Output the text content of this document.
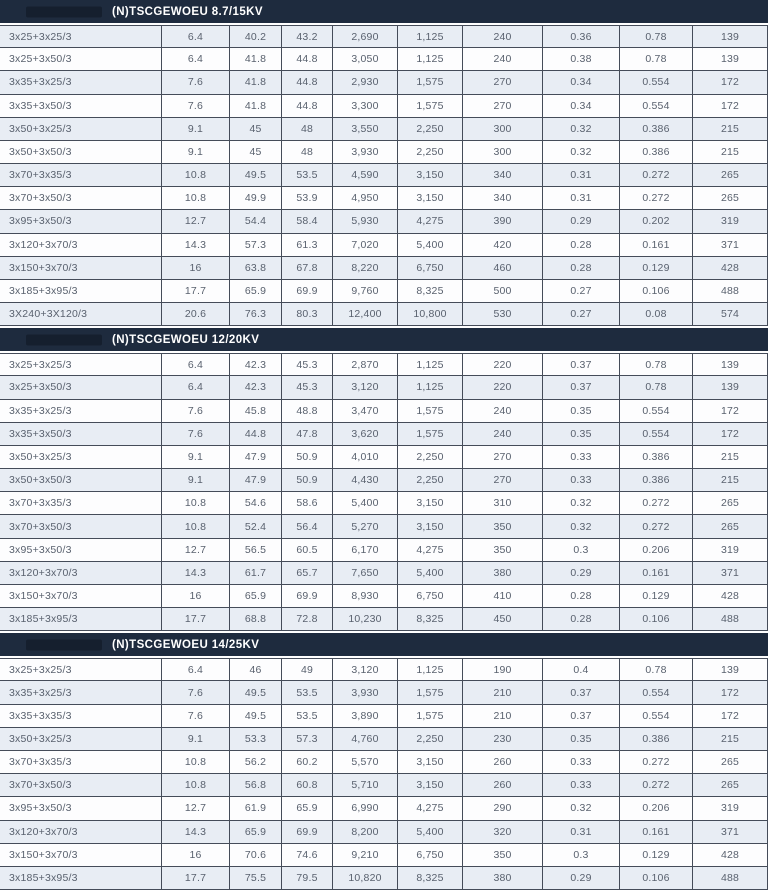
(N)TSCGEWOEU 8.7/15KV
3x25+3x25/3	6.4	40.2	43.2	2,690	1,125	240	0.36	0.78	139
3x25+3x50/3	6.4	41.8	44.8	3,050	1,125	240	0.38	0.78	139
3x35+3x25/3	7.6	41.8	44.8	2,930	1,575	270	0.34	0.554	172
3x35+3x50/3	7.6	41.8	44.8	3,300	1,575	270	0.34	0.554	172
3x50+3x25/3	9.1	45	48	3,550	2,250	300	0.32	0.386	215
3x50+3x50/3	9.1	45	48	3,930	2,250	300	0.32	0.386	215
3x70+3x35/3	10.8	49.5	53.5	4,590	3,150	340	0.31	0.272	265
3x70+3x50/3	10.8	49.9	53.9	4,950	3,150	340	0.31	0.272	265
3x95+3x50/3	12.7	54.4	58.4	5,930	4,275	390	0.29	0.202	319
3x120+3x70/3	14.3	57.3	61.3	7,020	5,400	420	0.28	0.161	371
3x150+3x70/3	16	63.8	67.8	8,220	6,750	460	0.28	0.129	428
3x185+3x95/3	17.7	65.9	69.9	9,760	8,325	500	0.27	0.106	488
3X240+3X120/3	20.6	76.3	80.3	12,400	10,800	530	0.27	0.08	574
(N)TSCGEWOEU 12/20KV
3x25+3x25/3	6.4	42.3	45.3	2,870	1,125	220	0.37	0.78	139
3x25+3x50/3	6.4	42.3	45.3	3,120	1,125	220	0.37	0.78	139
3x35+3x25/3	7.6	45.8	48.8	3,470	1,575	240	0.35	0.554	172
3x35+3x50/3	7.6	44.8	47.8	3,620	1,575	240	0.35	0.554	172
3x50+3x25/3	9.1	47.9	50.9	4,010	2,250	270	0.33	0.386	215
3x50+3x50/3	9.1	47.9	50.9	4,430	2,250	270	0.33	0.386	215
3x70+3x35/3	10.8	54.6	58.6	5,400	3,150	310	0.32	0.272	265
3x70+3x50/3	10.8	52.4	56.4	5,270	3,150	350	0.32	0.272	265
3x95+3x50/3	12.7	56.5	60.5	6,170	4,275	350	0.3	0.206	319
3x120+3x70/3	14.3	61.7	65.7	7,650	5,400	380	0.29	0.161	371
3x150+3x70/3	16	65.9	69.9	8,930	6,750	410	0.28	0.129	428
3x185+3x95/3	17.7	68.8	72.8	10,230	8,325	450	0.28	0.106	488
(N)TSCGEWOEU 14/25KV
3x25+3x25/3	6.4	46	49	3,120	1,125	190	0.4	0.78	139
3x35+3x25/3	7.6	49.5	53.5	3,930	1,575	210	0.37	0.554	172
3x35+3x35/3	7.6	49.5	53.5	3,890	1,575	210	0.37	0.554	172
3x50+3x25/3	9.1	53.3	57.3	4,760	2,250	230	0.35	0.386	215
3x70+3x35/3	10.8	56.2	60.2	5,570	3,150	260	0.33	0.272	265
3x70+3x50/3	10.8	56.8	60.8	5,710	3,150	260	0.33	0.272	265
3x95+3x50/3	12.7	61.9	65.9	6,990	4,275	290	0.32	0.206	319
3x120+3x70/3	14.3	65.9	69.9	8,200	5,400	320	0.31	0.161	371
3x150+3x70/3	16	70.6	74.6	9,210	6,750	350	0.3	0.129	428
3x185+3x95/3	17.7	75.5	79.5	10,820	8,325	380	0.29	0.106	488
